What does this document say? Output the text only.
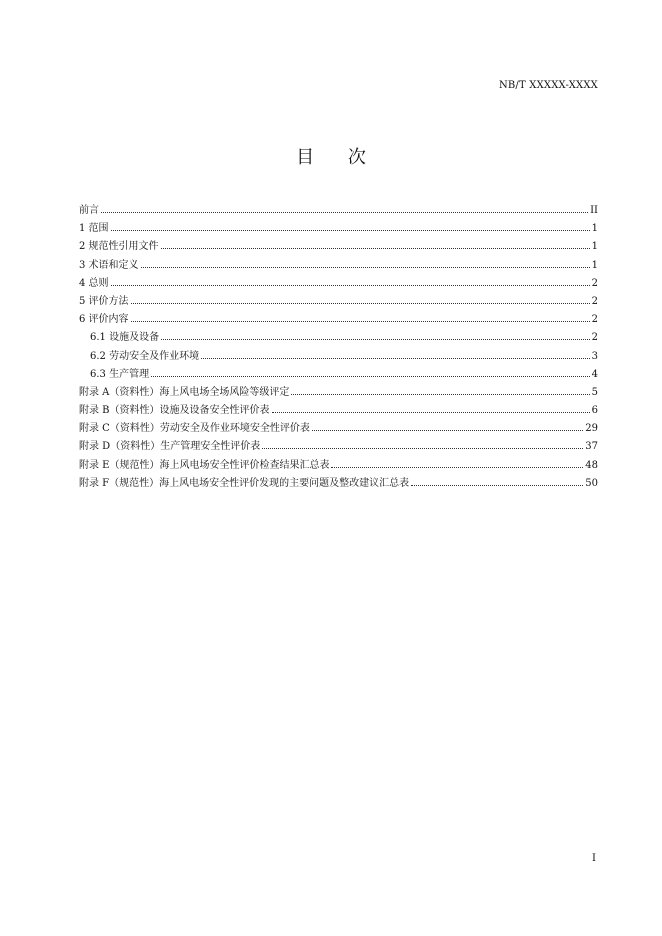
NB/T XXXXX-XXXX
目 次
前言	II
1 范围	1
2 规范性引用文件	1
3 术语和定义	1
4 总则	2
5 评价方法	2
6 评价内容	2
6.1 设施及设备	2
6.2 劳动安全及作业环境	3
6.3 生产管理	4
附录 A（资料性）海上风电场全场风险等级评定	5
附录 B（资料性）设施及设备安全性评价表	6
附录 C（资料性）劳动安全及作业环境安全性评价表	29
附录 D（资料性）生产管理安全性评价表	37
附录 E（规范性）海上风电场安全性评价检查结果汇总表	48
附录 F（规范性）海上风电场安全性评价发现的主要问题及整改建议汇总表	50
I
